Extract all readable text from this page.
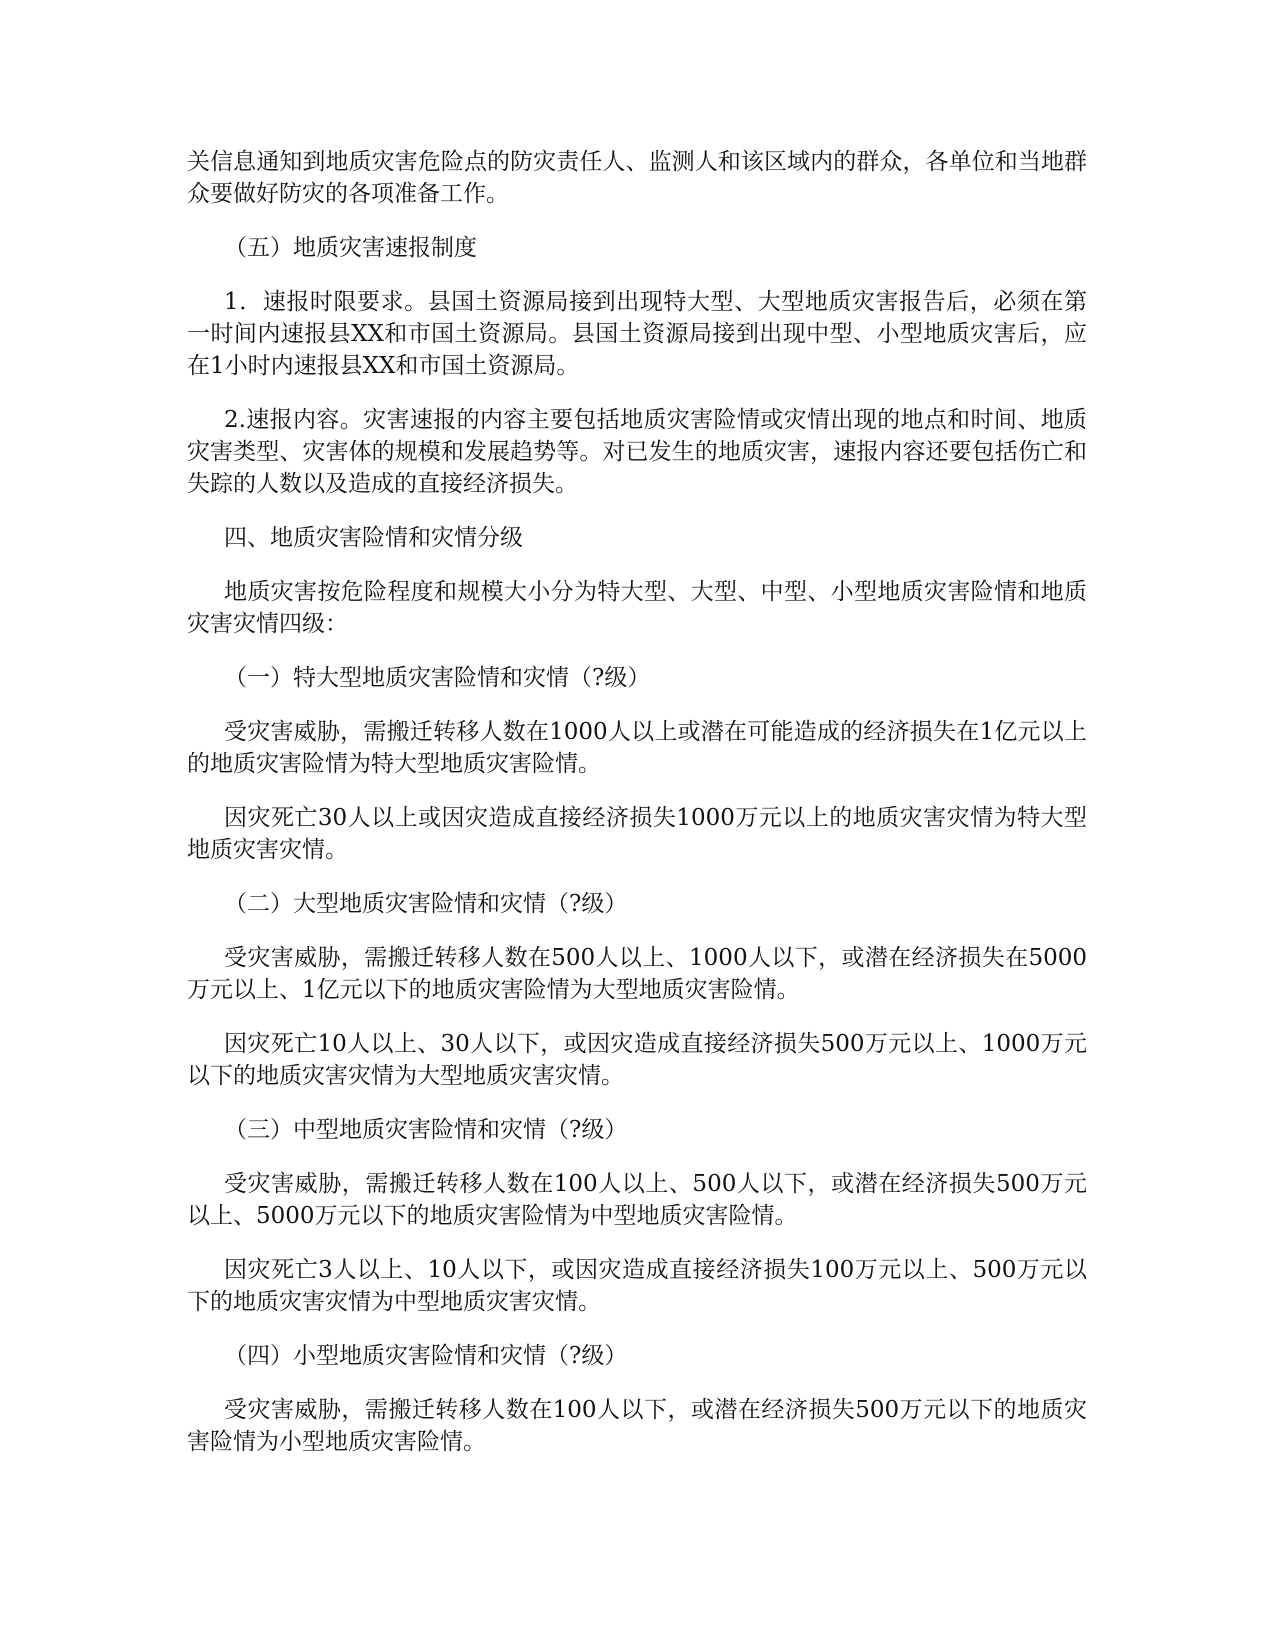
关信息通知到地质灾害危险点的防灾责任人、监测人和该区域内的群众，各单位和当地群众要做好防灾的各项准备工作。

（五）地质灾害速报制度

1．速报时限要求。县国土资源局接到出现特大型、大型地质灾害报告后，必须在第一时间内速报县XX和市国土资源局。县国土资源局接到出现中型、小型地质灾害后，应在1小时内速报县XX和市国土资源局。

2.速报内容。灾害速报的内容主要包括地质灾害险情或灾情出现的地点和时间、地质灾害类型、灾害体的规模和发展趋势等。对已发生的地质灾害，速报内容还要包括伤亡和失踪的人数以及造成的直接经济损失。

四、地质灾害险情和灾情分级

地质灾害按危险程度和规模大小分为特大型、大型、中型、小型地质灾害险情和地质灾害灾情四级：

（一）特大型地质灾害险情和灾情（?级）

受灾害威胁，需搬迁转移人数在1000人以上或潜在可能造成的经济损失在1亿元以上的地质灾害险情为特大型地质灾害险情。

因灾死亡30人以上或因灾造成直接经济损失1000万元以上的地质灾害灾情为特大型地质灾害灾情。

（二）大型地质灾害险情和灾情（?级）

受灾害威胁，需搬迁转移人数在500人以上、1000人以下，或潜在经济损失在5000万元以上、1亿元以下的地质灾害险情为大型地质灾害险情。

因灾死亡10人以上、30人以下，或因灾造成直接经济损失500万元以上、1000万元以下的地质灾害灾情为大型地质灾害灾情。

（三）中型地质灾害险情和灾情（?级）

受灾害威胁，需搬迁转移人数在100人以上、500人以下，或潜在经济损失500万元以上、5000万元以下的地质灾害险情为中型地质灾害险情。

因灾死亡3人以上、10人以下，或因灾造成直接经济损失100万元以上、500万元以下的地质灾害灾情为中型地质灾害灾情。

（四）小型地质灾害险情和灾情（?级）

受灾害威胁，需搬迁转移人数在100人以下，或潜在经济损失500万元以下的地质灾害险情为小型地质灾害险情。
